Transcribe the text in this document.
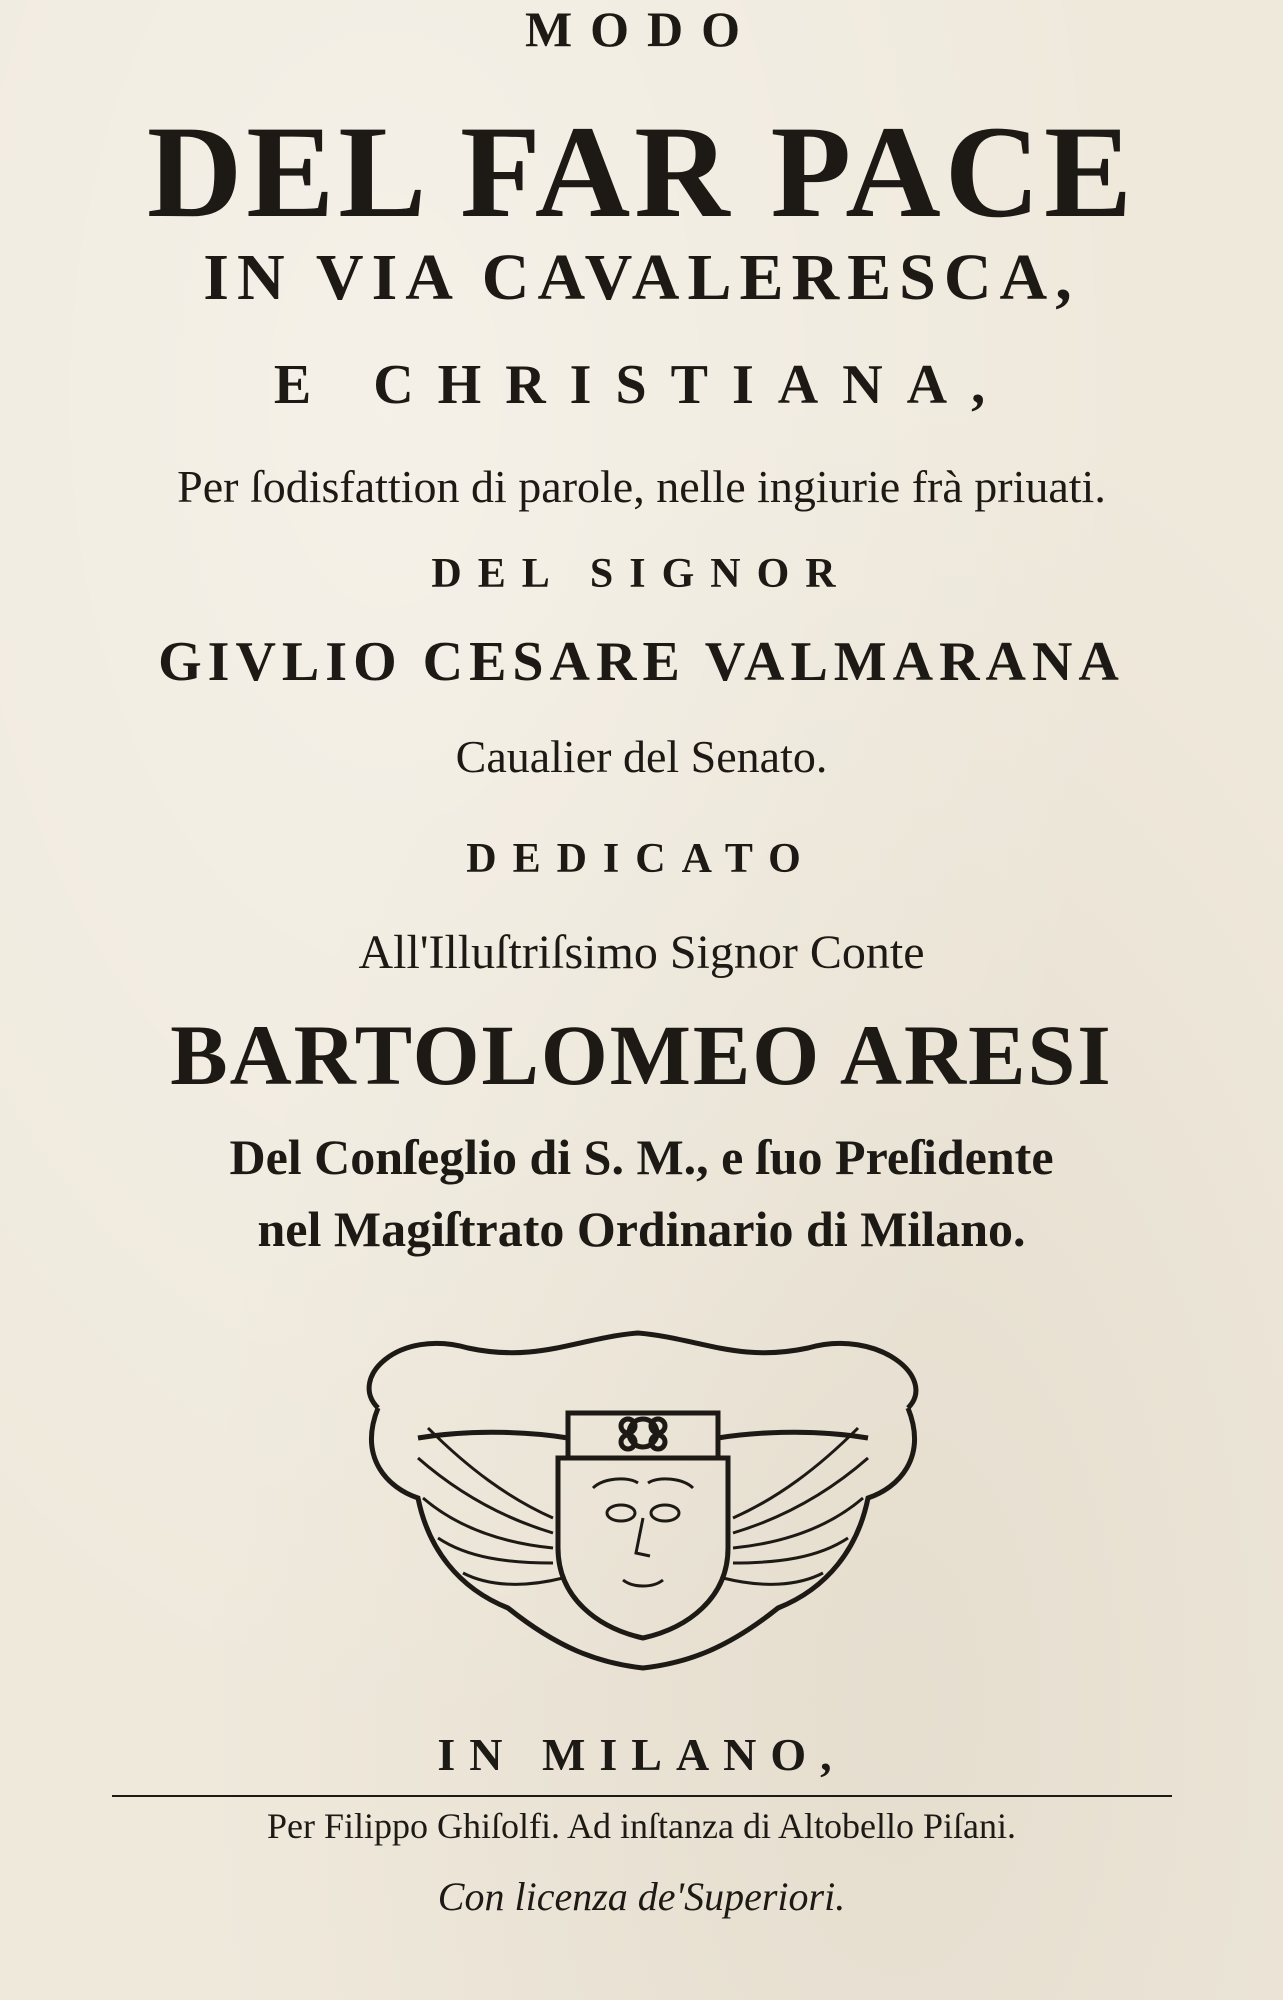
MODO
DEL FAR PACE
IN VIA CAVALERESCA,
E CHRISTIANA,
Per ſodisfattion di parole, nelle ingiurie frà priuati.
DEL SIGNOR
GIVLIO CESARE VALMARANA
Caualier del Senato.
DEDICATO
All'Illuſtriſsimo Signor Conte
BARTOLOMEO ARESI
Del Conſeglio di S. M., e ſuo Preſidente
nel Magiſtrato Ordinario di Milano.
IN MILANO,
Per Filippo Ghiſolfi. Ad inſtanza di Altobello Piſani.
Con licenza de'Superiori.
